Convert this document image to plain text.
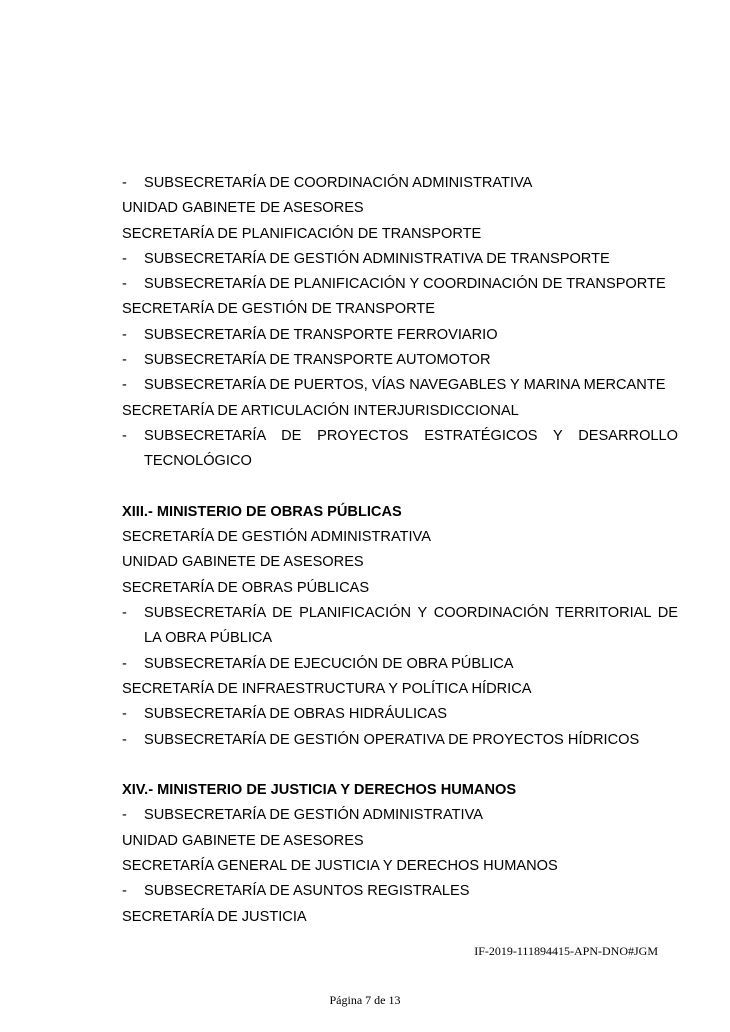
- SUBSECRETARÍA DE COORDINACIÓN ADMINISTRATIVA
UNIDAD GABINETE DE ASESORES
SECRETARÍA DE PLANIFICACIÓN DE TRANSPORTE
- SUBSECRETARÍA DE GESTIÓN ADMINISTRATIVA DE TRANSPORTE
- SUBSECRETARÍA DE PLANIFICACIÓN Y COORDINACIÓN DE TRANSPORTE
SECRETARÍA DE GESTIÓN DE TRANSPORTE
- SUBSECRETARÍA DE TRANSPORTE FERROVIARIO
- SUBSECRETARÍA DE TRANSPORTE AUTOMOTOR
- SUBSECRETARÍA DE PUERTOS, VÍAS NAVEGABLES Y MARINA MERCANTE
SECRETARÍA DE ARTICULACIÓN INTERJURISDICCIONAL
- SUBSECRETARÍA DE PROYECTOS ESTRATÉGICOS Y DESARROLLO TECNOLÓGICO
XIII.- MINISTERIO DE OBRAS PÚBLICAS
SECRETARÍA DE GESTIÓN ADMINISTRATIVA
UNIDAD GABINETE DE ASESORES
SECRETARÍA DE OBRAS PÚBLICAS
- SUBSECRETARÍA DE PLANIFICACIÓN Y COORDINACIÓN TERRITORIAL DE LA OBRA PÚBLICA
- SUBSECRETARÍA DE EJECUCIÓN DE OBRA PÚBLICA
SECRETARÍA DE INFRAESTRUCTURA Y POLÍTICA HÍDRICA
- SUBSECRETARÍA DE OBRAS HIDRÁULICAS
- SUBSECRETARÍA DE GESTIÓN OPERATIVA DE PROYECTOS HÍDRICOS
XIV.- MINISTERIO DE JUSTICIA Y DERECHOS HUMANOS
- SUBSECRETARÍA DE GESTIÓN ADMINISTRATIVA
UNIDAD GABINETE DE ASESORES
SECRETARÍA GENERAL DE JUSTICIA Y DERECHOS HUMANOS
- SUBSECRETARÍA DE ASUNTOS REGISTRALES
SECRETARÍA DE JUSTICIA
IF-2019-111894415-APN-DNO#JGM
Página 7 de 13
